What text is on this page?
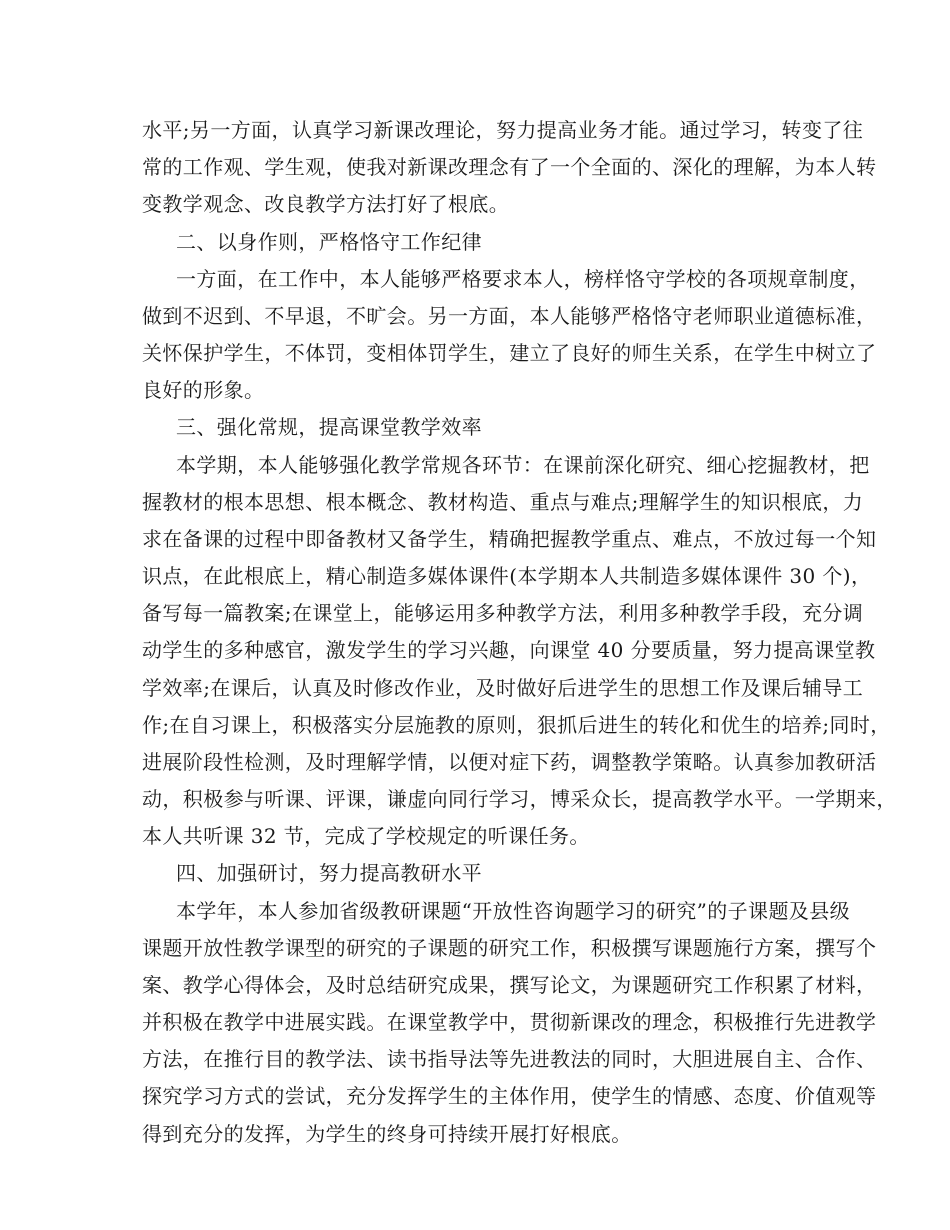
水平;另一方面，认真学习新课改理论，努力提高业务才能。通过学习，转变了往
常的工作观、学生观，使我对新课改理念有了一个全面的、深化的理解，为本人转
变教学观念、改良教学方法打好了根底。
二、以身作则，严格恪守工作纪律
一方面，在工作中，本人能够严格要求本人，榜样恪守学校的各项规章制度，
做到不迟到、不早退，不旷会。另一方面，本人能够严格恪守老师职业道德标准，
关怀保护学生，不体罚，变相体罚学生，建立了良好的师生关系，在学生中树立了
良好的形象。
三、强化常规，提高课堂教学效率
本学期，本人能够强化教学常规各环节：在课前深化研究、细心挖掘教材，把
握教材的根本思想、根本概念、教材构造、重点与难点;理解学生的知识根底，力
求在备课的过程中即备教材又备学生，精确把握教学重点、难点，不放过每一个知
识点，在此根底上，精心制造多媒体课件(本学期本人共制造多媒体课件 30 个)，
备写每一篇教案;在课堂上，能够运用多种教学方法，利用多种教学手段，充分调
动学生的多种感官，激发学生的学习兴趣，向课堂 40 分要质量，努力提高课堂教
学效率;在课后，认真及时修改作业，及时做好后进学生的思想工作及课后辅导工
作;在自习课上，积极落实分层施教的原则，狠抓后进生的转化和优生的培养;同时，
进展阶段性检测，及时理解学情，以便对症下药，调整教学策略。认真参加教研活
动，积极参与听课、评课，谦虚向同行学习，博采众长，提高教学水平。一学期来，
本人共听课 32 节，完成了学校规定的听课任务。
四、加强研讨，努力提高教研水平
本学年，本人参加省级教研课题“开放性咨询题学习的研究”的子课题及县级
课题开放性教学课型的研究的子课题的研究工作，积极撰写课题施行方案，撰写个
案、教学心得体会，及时总结研究成果，撰写论文，为课题研究工作积累了材料，
并积极在教学中进展实践。在课堂教学中，贯彻新课改的理念，积极推行先进教学
方法，在推行目的教学法、读书指导法等先进教法的同时，大胆进展自主、合作、
探究学习方式的尝试，充分发挥学生的主体作用，使学生的情感、态度、价值观等
得到充分的发挥，为学生的终身可持续开展打好根底。
